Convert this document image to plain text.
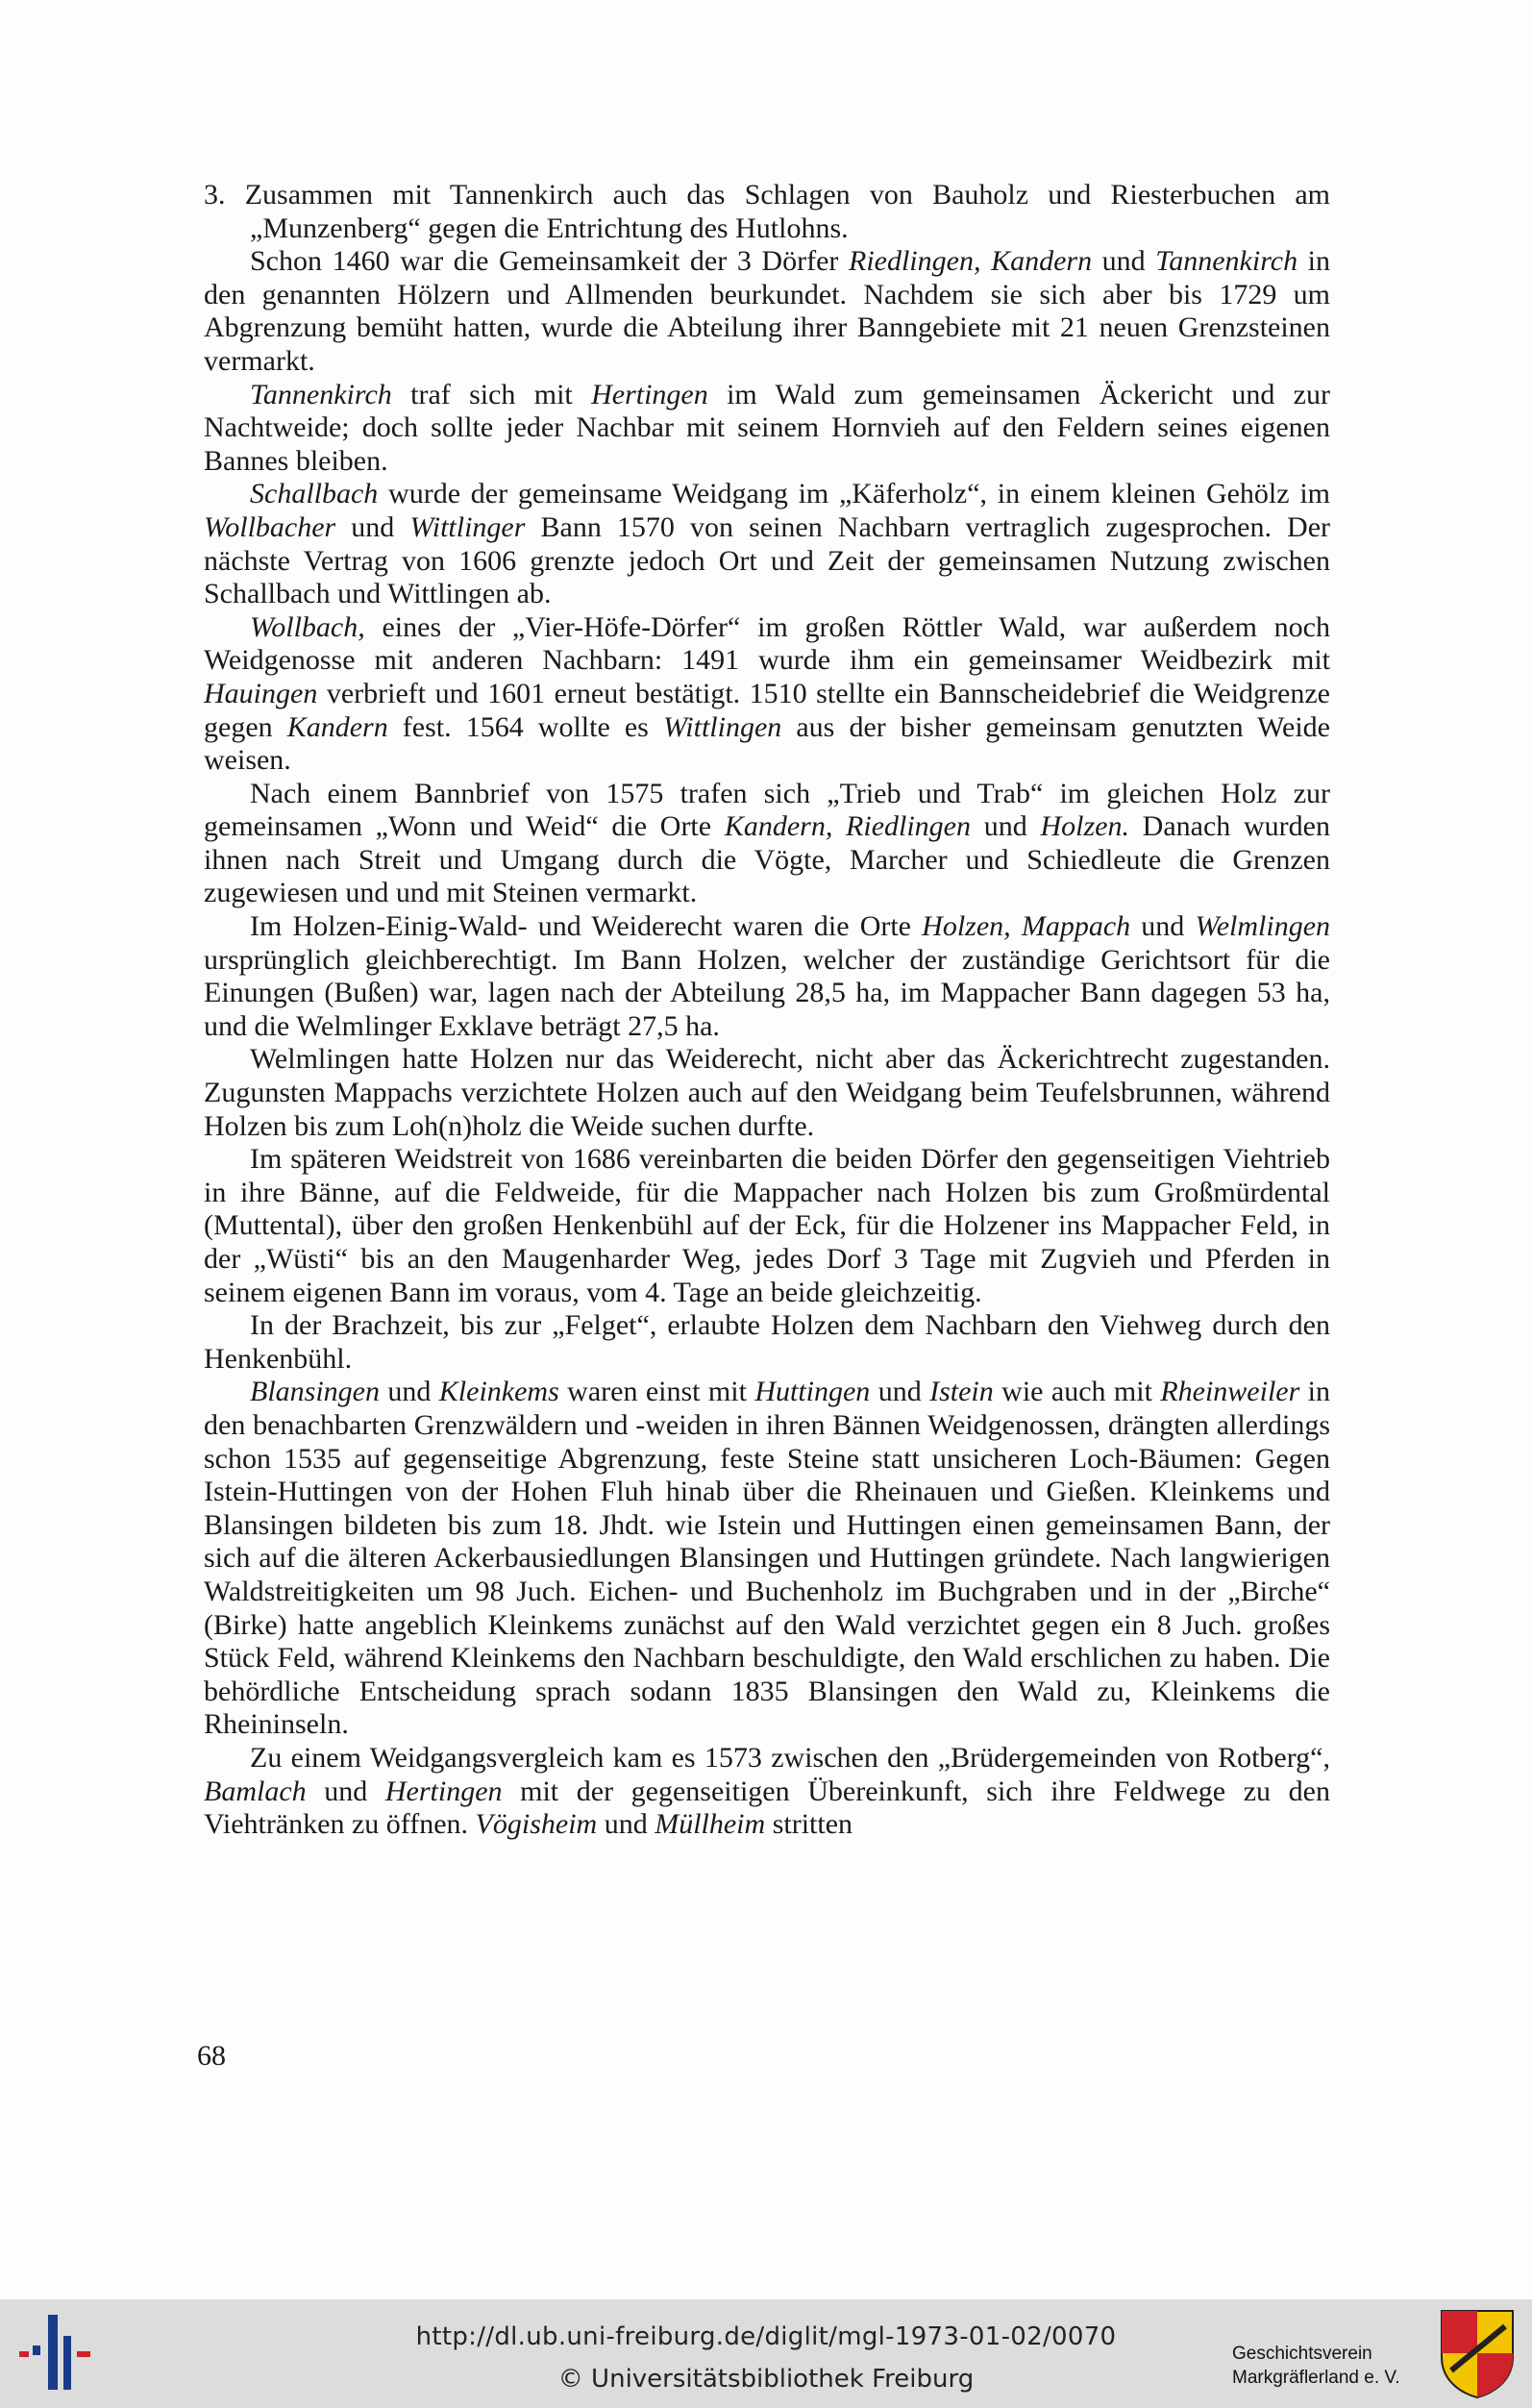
3. Zusammen mit Tannenkirch auch das Schlagen von Bauholz und Riesterbuchen am „Munzenberg“ gegen die Entrichtung des Hutlohns.

Schon 1460 war die Gemeinsamkeit der 3 Dörfer Riedlingen, Kandern und Tannenkirch in den genannten Hölzern und Allmenden beurkundet. Nachdem sie sich aber bis 1729 um Abgrenzung bemüht hatten, wurde die Abteilung ihrer Banngebiete mit 21 neuen Grenzsteinen vermarkt.

Tannenkirch traf sich mit Hertingen im Wald zum gemeinsamen Äckericht und zur Nachtweide; doch sollte jeder Nachbar mit seinem Hornvieh auf den Feldern seines eigenen Bannes bleiben.

Schallbach wurde der gemeinsame Weidgang im „Käferholz“, in einem kleinen Gehölz im Wollbacher und Wittlinger Bann 1570 von seinen Nachbarn vertraglich zugesprochen. Der nächste Vertrag von 1606 grenzte jedoch Ort und Zeit der gemeinsamen Nutzung zwischen Schallbach und Wittlingen ab.

Wollbach, eines der „Vier-Höfe-Dörfer“ im großen Röttler Wald, war außerdem noch Weidgenosse mit anderen Nachbarn: 1491 wurde ihm ein gemeinsamer Weidbezirk mit Hauingen verbrieft und 1601 erneut bestätigt. 1510 stellte ein Bannscheidebrief die Weidgrenze gegen Kandern fest. 1564 wollte es Wittlingen aus der bisher gemeinsam genutzten Weide weisen.

Nach einem Bannbrief von 1575 trafen sich „Trieb und Trab“ im gleichen Holz zur gemeinsamen „Wonn und Weid“ die Orte Kandern, Riedlingen und Holzen. Danach wurden ihnen nach Streit und Umgang durch die Vögte, Marcher und Schiedleute die Grenzen zugewiesen und und mit Steinen vermarkt.

Im Holzen-Einig-Wald- und Weiderecht waren die Orte Holzen, Mappach und Welmlingen ursprünglich gleichberechtigt. Im Bann Holzen, welcher der zuständige Gerichtsort für die Einungen (Bußen) war, lagen nach der Abteilung 28,5 ha, im Mappacher Bann dagegen 53 ha, und die Welmlinger Exklave beträgt 27,5 ha.

Welmlingen hatte Holzen nur das Weiderecht, nicht aber das Äckerichtrecht zugestanden. Zugunsten Mappachs verzichtete Holzen auch auf den Weidgang beim Teufelsbrunnen, während Holzen bis zum Loh(n)holz die Weide suchen durfte.

Im späteren Weidstreit von 1686 vereinbarten die beiden Dörfer den gegenseitigen Viehtrieb in ihre Bänne, auf die Feldweide, für die Mappacher nach Holzen bis zum Großmürdental (Muttental), über den großen Henkenbühl auf der Eck, für die Holzener ins Mappacher Feld, in der „Wüsti“ bis an den Maugenharder Weg, jedes Dorf 3 Tage mit Zugvieh und Pferden in seinem eigenen Bann im voraus, vom 4. Tage an beide gleichzeitig.

In der Brachzeit, bis zur „Felget“, erlaubte Holzen dem Nachbarn den Viehweg durch den Henkenbühl.

Blansingen und Kleinkems waren einst mit Huttingen und Istein wie auch mit Rheinweiler in den benachbarten Grenzwäldern und -weiden in ihren Bännen Weidgenossen, drängten allerdings schon 1535 auf gegenseitige Abgrenzung, feste Steine statt unsicheren Loch-Bäumen: Gegen Istein-Huttingen von der Hohen Fluh hinab über die Rheinauen und Gießen. Kleinkems und Blansingen bildeten bis zum 18. Jhdt. wie Istein und Huttingen einen gemeinsamen Bann, der sich auf die älteren Ackerbausiedlungen Blansingen und Huttingen gründete. Nach langwierigen Waldstreitigkeiten um 98 Juch. Eichen- und Buchenholz im Buchgraben und in der „Birche“ (Birke) hatte angeblich Kleinkems zunächst auf den Wald verzichtet gegen ein 8 Juch. großes Stück Feld, während Kleinkems den Nachbarn beschuldigte, den Wald erschlichen zu haben. Die behördliche Entscheidung sprach sodann 1835 Blansingen den Wald zu, Kleinkems die Rheininseln.

Zu einem Weidgangsvergleich kam es 1573 zwischen den „Brüdergemeinden von Rotberg“, Bamlach und Hertingen mit der gegenseitigen Übereinkunft, sich ihre Feldwege zu den Viehtränken zu öffnen. Vögisheim und Müllheim stritten

68
http://dl.ub.uni-freiburg.de/diglit/mgl-1973-01-02/0070
© Universitätsbibliothek Freiburg
Geschichtsverein
Markgräflerland e. V.
